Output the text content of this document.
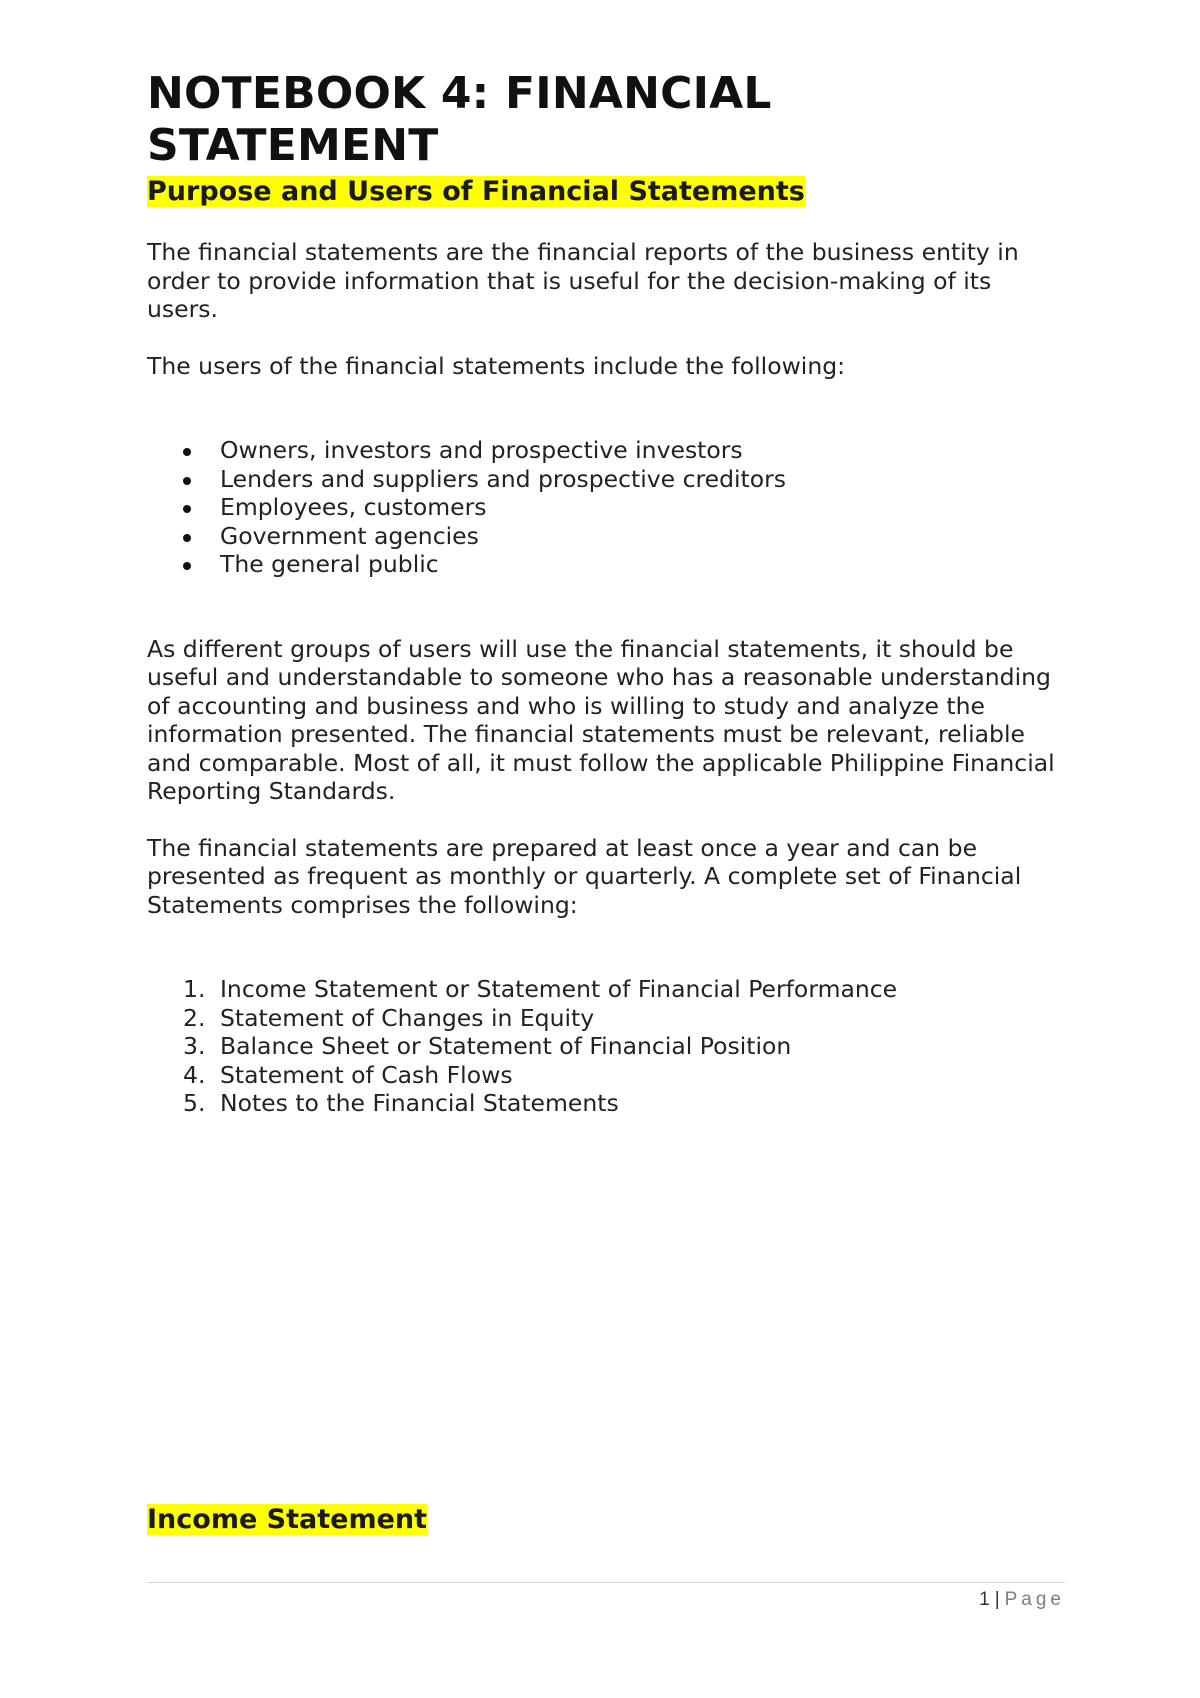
NOTEBOOK 4: FINANCIAL
STATEMENT
Purpose and Users of Financial Statements

The financial statements are the financial reports of the business entity in order to provide information that is useful for the decision-making of its users.

The users of the financial statements include the following:

Owners, investors and prospective investors
Lenders and suppliers and prospective creditors
Employees, customers
Government agencies
The general public

As different groups of users will use the financial statements, it should be useful and understandable to someone who has a reasonable understanding of accounting and business and who is willing to study and analyze the information presented. The financial statements must be relevant, reliable and comparable. Most of all, it must follow the applicable Philippine Financial Reporting Standards.

The financial statements are prepared at least once a year and can be presented as frequent as monthly or quarterly. A complete set of Financial Statements comprises the following:

1. Income Statement or Statement of Financial Performance
2. Statement of Changes in Equity
3. Balance Sheet or Statement of Financial Position
4. Statement of Cash Flows
5. Notes to the Financial Statements
Income Statement
1 | Page
